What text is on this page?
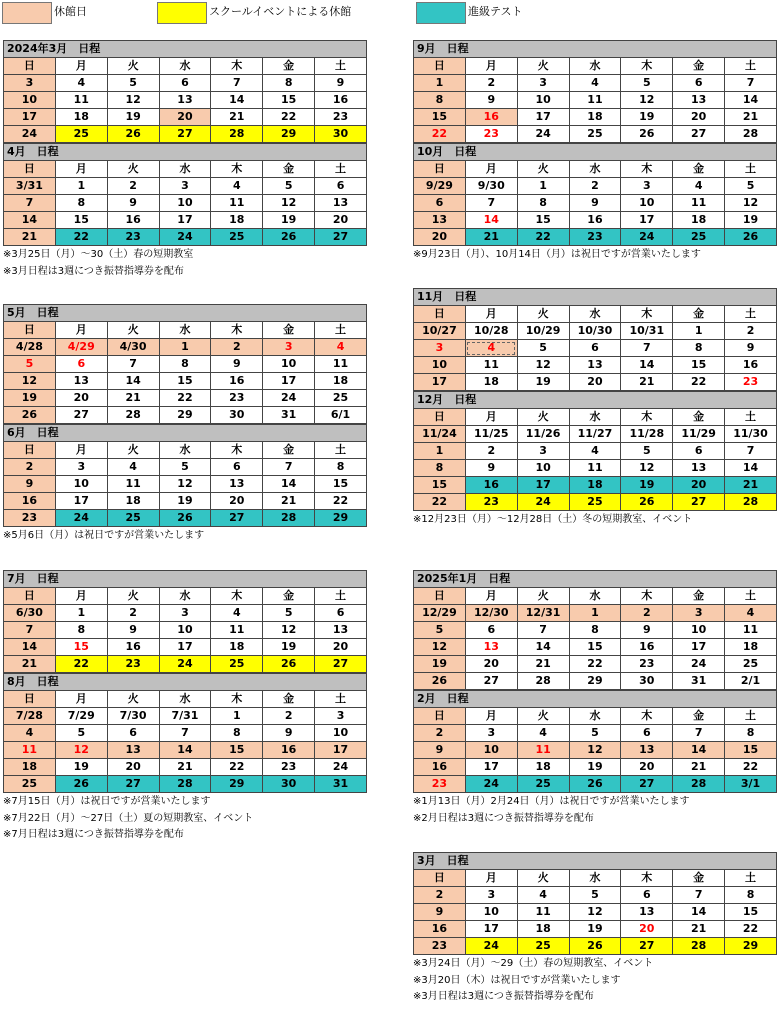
休館日	スクールイベントによる休館	進級テスト
2024年3月　日程						
日	月	火	水	木	金	土
3	4	5	6	7	8	9
10	11	12	13	14	15	16
17	18	19	20	21	22	23
24	25	26	27	28	29	30
4月　日程						
日	月	火	水	木	金	土
3/31	1	2	3	4	5	6
7	8	9	10	11	12	13
14	15	16	17	18	19	20
21	22	23	24	25	26	27
※3月25日（月）～30（土）春の短期教室
※3月日程は3週につき振替指導券を配布
5月　日程						
日	月	火	水	木	金	土
4/28	4/29	4/30	1	2	3	4
5	6	7	8	9	10	11
12	13	14	15	16	17	18
19	20	21	22	23	24	25
26	27	28	29	30	31	6/1
6月　日程						
日	月	火	水	木	金	土
2	3	4	5	6	7	8
9	10	11	12	13	14	15
16	17	18	19	20	21	22
23	24	25	26	27	28	29
※5月6日（月）は祝日ですが営業いたします
7月　日程						
日	月	火	水	木	金	土
6/30	1	2	3	4	5	6
7	8	9	10	11	12	13
14	15	16	17	18	19	20
21	22	23	24	25	26	27
8月　日程						
日	月	火	水	木	金	土
7/28	7/29	7/30	7/31	1	2	3
4	5	6	7	8	9	10
11	12	13	14	15	16	17
18	19	20	21	22	23	24
25	26	27	28	29	30	31
※7月15日（月）は祝日ですが営業いたします
※7月22日（月）～27日（土）夏の短期教室、イベント
※7月日程は3週につき振替指導券を配布
9月　日程						
日	月	火	水	木	金	土
1	2	3	4	5	6	7
8	9	10	11	12	13	14
15	16	17	18	19	20	21
22	23	24	25	26	27	28
10月　日程						
日	月	火	水	木	金	土
9/29	9/30	1	2	3	4	5
6	7	8	9	10	11	12
13	14	15	16	17	18	19
20	21	22	23	24	25	26
※9月23日（月）、10月14日（月）は祝日ですが営業いたします
11月　日程						
日	月	火	水	木	金	土
10/27	10/28	10/29	10/30	10/31	1	2
3	4	5	6	7	8	9
10	11	12	13	14	15	16
17	18	19	20	21	22	23
12月　日程						
日	月	火	水	木	金	土
11/24	11/25	11/26	11/27	11/28	11/29	11/30
1	2	3	4	5	6	7
8	9	10	11	12	13	14
15	16	17	18	19	20	21
22	23	24	25	26	27	28
※12月23日（月）～12月28日（土）冬の短期教室、イベント
2025年1月　日程						
日	月	火	水	木	金	土
12/29	12/30	12/31	1	2	3	4
5	6	7	8	9	10	11
12	13	14	15	16	17	18
19	20	21	22	23	24	25
26	27	28	29	30	31	2/1
2月　日程						
日	月	火	水	木	金	土
2	3	4	5	6	7	8
9	10	11	12	13	14	15
16	17	18	19	20	21	22
23	24	25	26	27	28	3/1
※1月13日（月）2月24日（月）は祝日ですが営業いたします
※2月日程は3週につき振替指導券を配布
3月　日程						
日	月	火	水	木	金	土
2	3	4	5	6	7	8
9	10	11	12	13	14	15
16	17	18	19	20	21	22
23	24	25	26	27	28	29
※3月24日（月）～29（土）春の短期教室、イベント
※3月20日（木）は祝日ですが営業いたします
※3月日程は3週につき振替指導券を配布
